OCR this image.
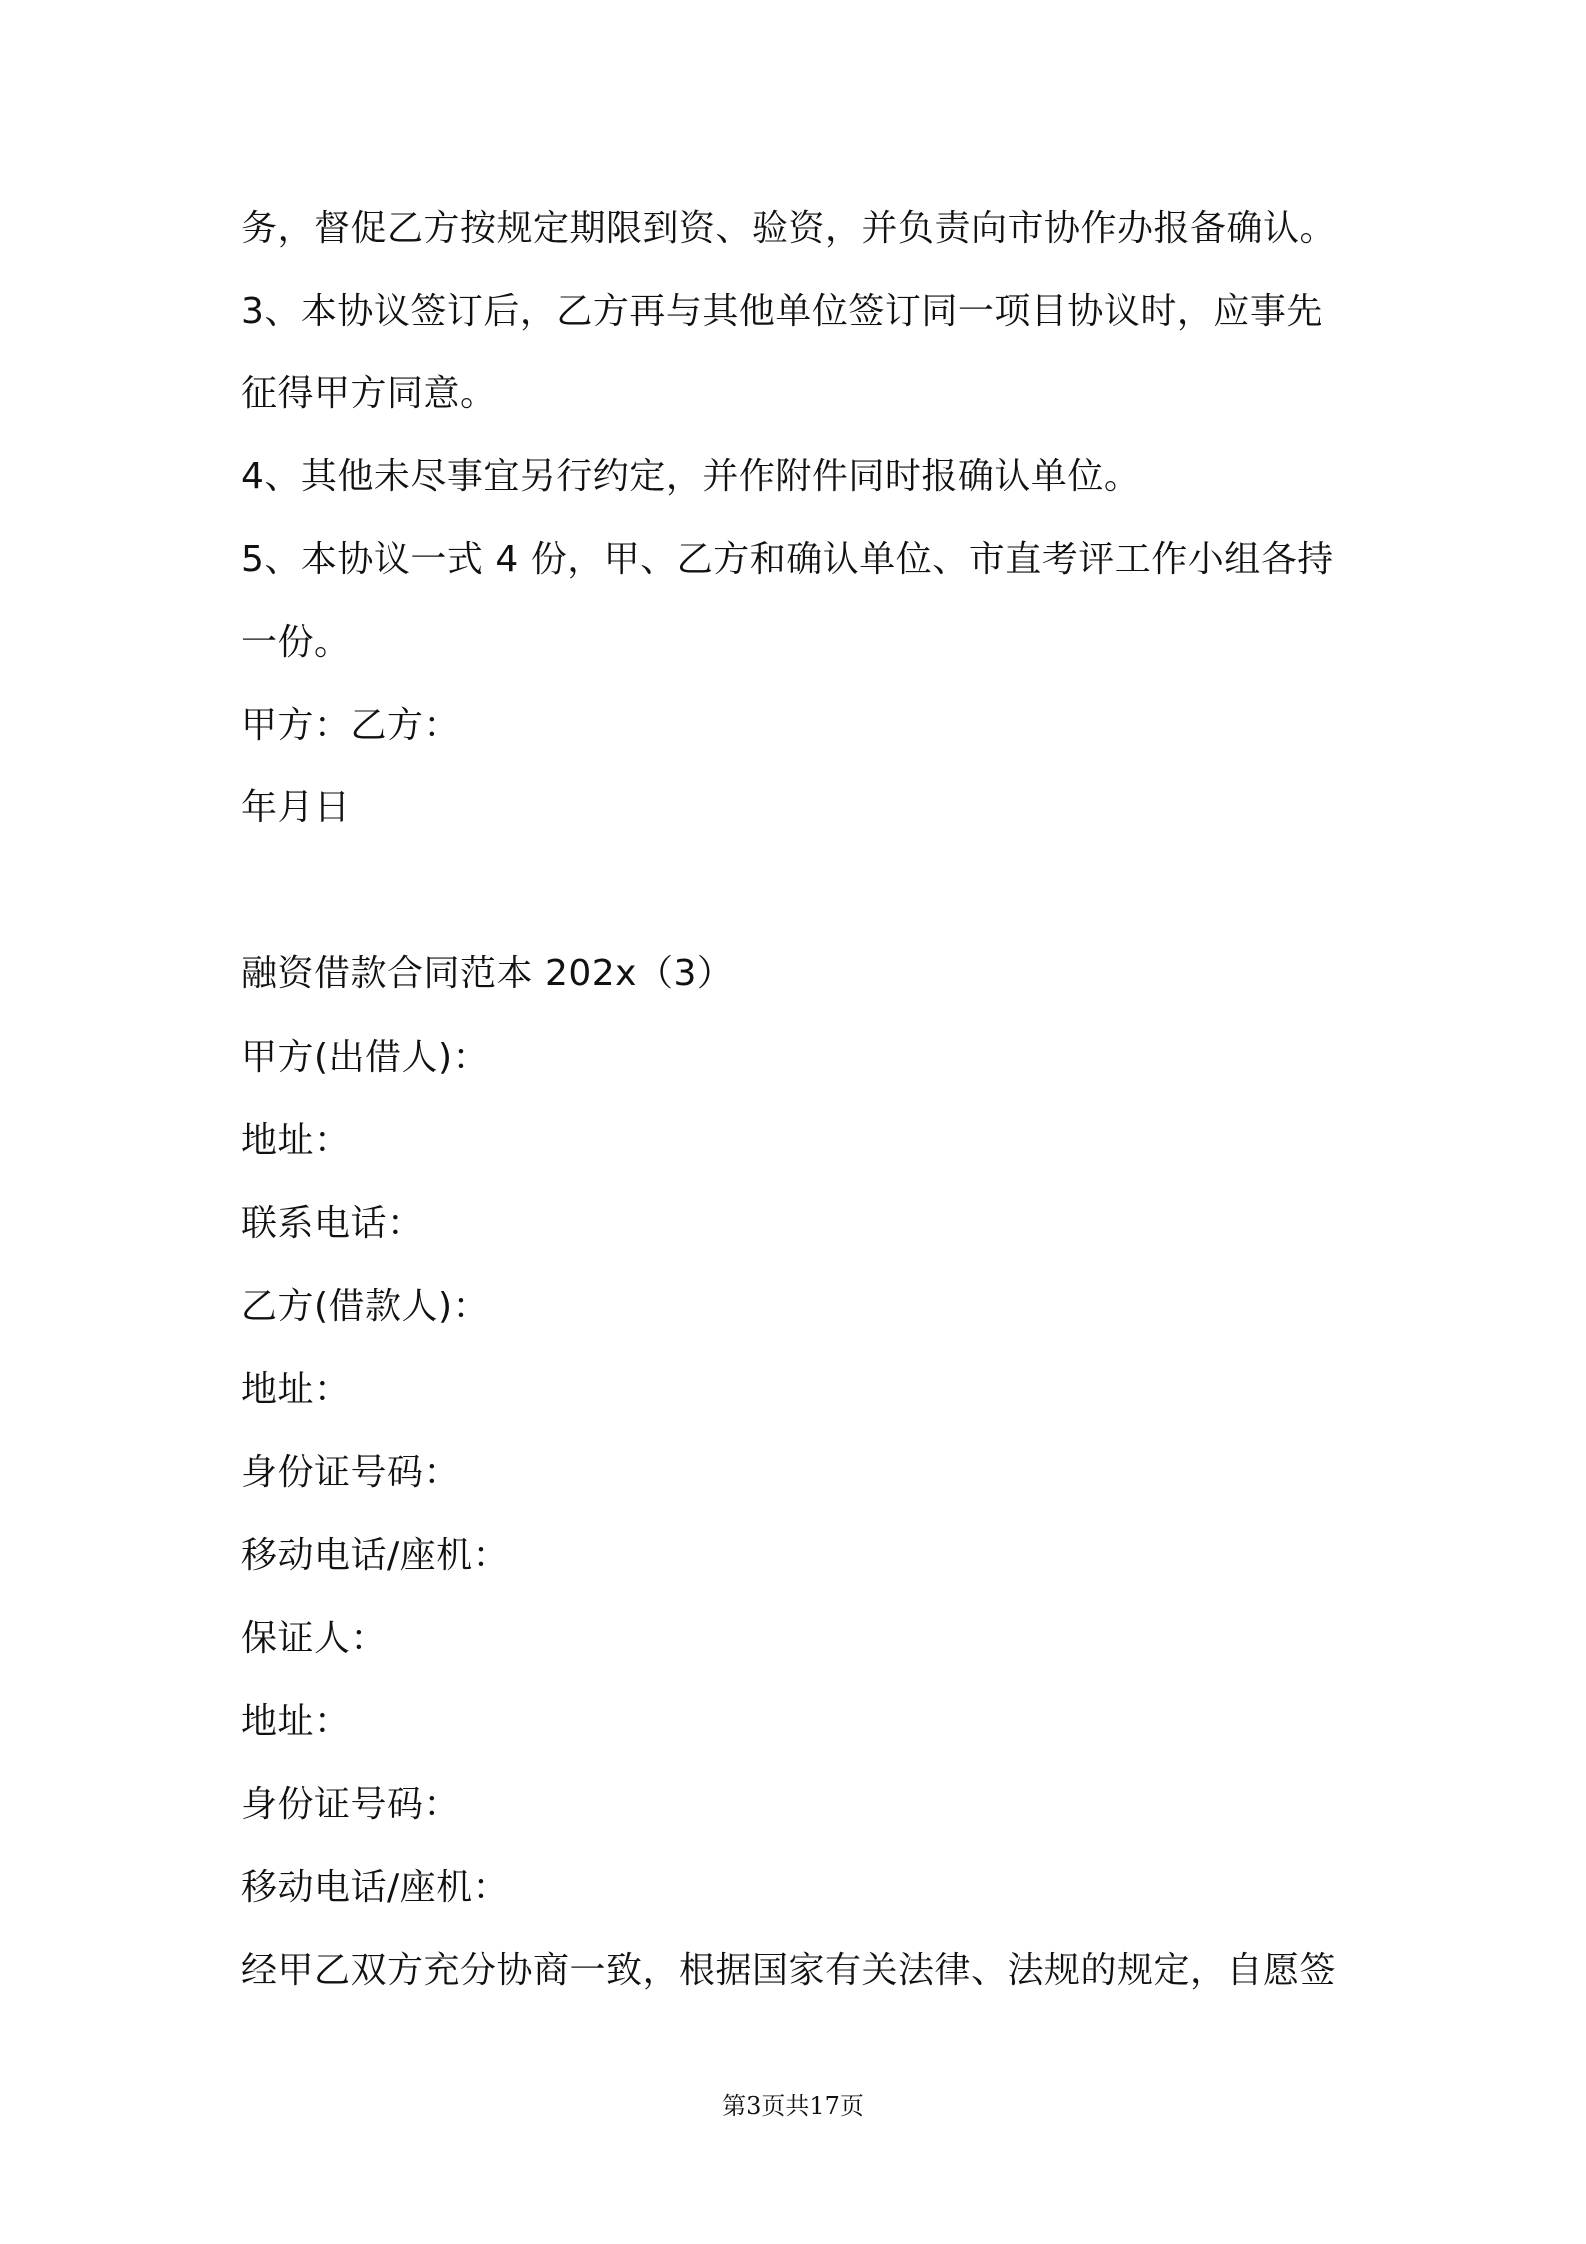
务，督促乙方按规定期限到资、验资，并负责向市协作办报备确认。
3、本协议签订后，乙方再与其他单位签订同一项目协议时，应事先
征得甲方同意。
4、其他未尽事宜另行约定，并作附件同时报确认单位。
5、本协议一式 4 份，甲、乙方和确认单位、市直考评工作小组各持
一份。
甲方：乙方：
年月日
融资借款合同范本 202x（3）
甲方(出借人)：
地址：
联系电话：
乙方(借款人)：
地址：
身份证号码：
移动电话/座机：
保证人：
地址：
身份证号码：
移动电话/座机：
经甲乙双方充分协商一致，根据国家有关法律、法规的规定，自愿签
第3页共17页
